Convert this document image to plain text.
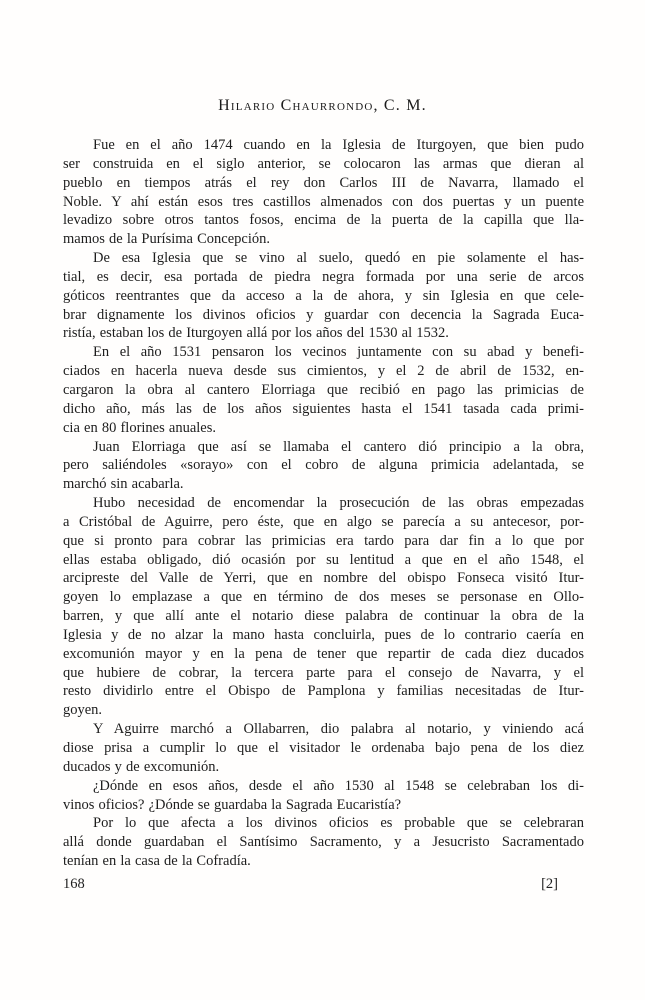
Hilario Chaurrondo, C. M.
Fue en el año 1474 cuando en la Iglesia de Iturgoyen, que bien pudo
ser construida en el siglo anterior, se colocaron las armas que dieran al
pueblo en tiempos atrás el rey don Carlos III de Navarra, llamado el
Noble. Y ahí están esos tres castillos almenados con dos puertas y un puente
levadizo sobre otros tantos fosos, encima de la puerta de la capilla que lla-
mamos de la Purísima Concepción.
De esa Iglesia que se vino al suelo, quedó en pie solamente el has-
tial, es decir, esa portada de piedra negra formada por una serie de arcos
góticos reentrantes que da acceso a la de ahora, y sin Iglesia en que cele-
brar dignamente los divinos oficios y guardar con decencia la Sagrada Euca-
ristía, estaban los de Iturgoyen allá por los años del 1530 al 1532.
En el año 1531 pensaron los vecinos juntamente con su abad y benefi-
ciados en hacerla nueva desde sus cimientos, y el 2 de abril de 1532, en-
cargaron la obra al cantero Elorriaga que recibió en pago las primicias de
dicho año, más las de los años siguientes hasta el 1541 tasada cada primi-
cia en 80 florines anuales.
Juan Elorriaga que así se llamaba el cantero dió principio a la obra,
pero saliéndoles «sorayo» con el cobro de alguna primicia adelantada, se
marchó sin acabarla.
Hubo necesidad de encomendar la prosecución de las obras empezadas
a Cristóbal de Aguirre, pero éste, que en algo se parecía a su antecesor, por-
que si pronto para cobrar las primicias era tardo para dar fin a lo que por
ellas estaba obligado, dió ocasión por su lentitud a que en el año 1548, el
arcipreste del Valle de Yerri, que en nombre del obispo Fonseca visitó Itur-
goyen lo emplazase a que en término de dos meses se personase en Ollo-
barren, y que allí ante el notario diese palabra de continuar la obra de la
Iglesia y de no alzar la mano hasta concluirla, pues de lo contrario caería en
excomunión mayor y en la pena de tener que repartir de cada diez ducados
que hubiere de cobrar, la tercera parte para el consejo de Navarra, y el
resto dividirlo entre el Obispo de Pamplona y familias necesitadas de Itur-
goyen.
Y Aguirre marchó a Ollabarren, dio palabra al notario, y viniendo acá
diose prisa a cumplir lo que el visitador le ordenaba bajo pena de los diez
ducados y de excomunión.
¿Dónde en esos años, desde el año 1530 al 1548 se celebraban los di-
vinos oficios? ¿Dónde se guardaba la Sagrada Eucaristía?
Por lo que afecta a los divinos oficios es probable que se celebraran
allá donde guardaban el Santísimo Sacramento, y a Jesucristo Sacramentado
tenían en la casa de la Cofradía.
168	[2]
